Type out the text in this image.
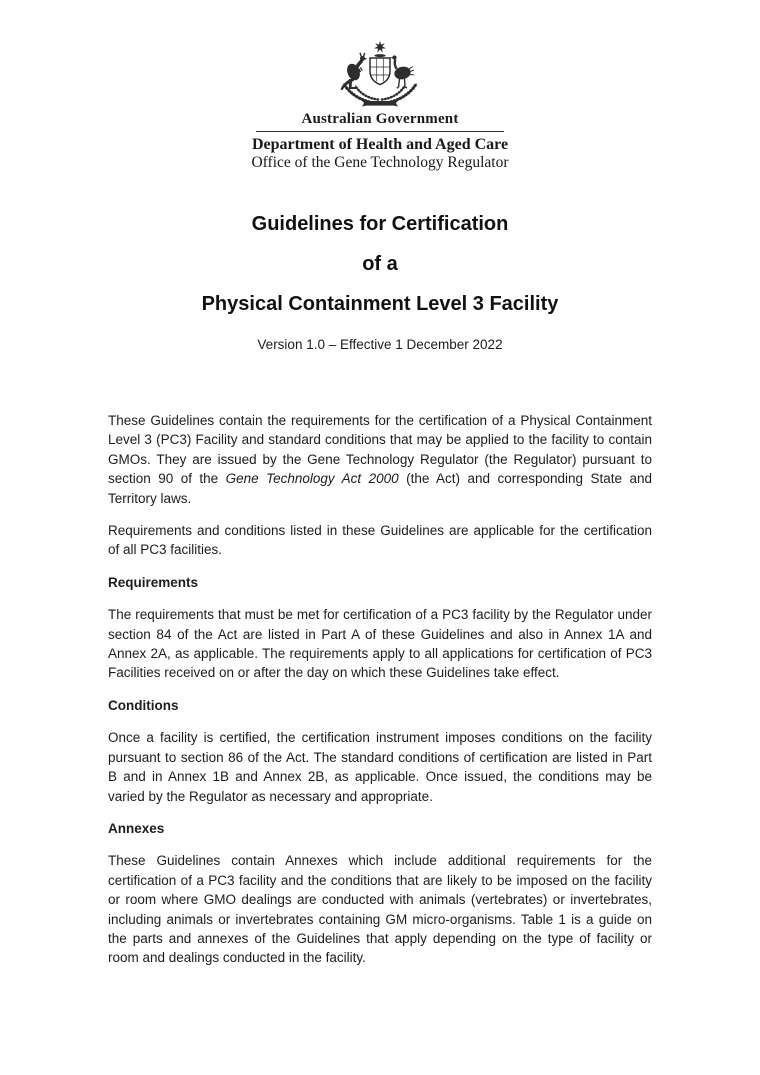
Australian Government
Department of Health and Aged Care
Office of the Gene Technology Regulator
Guidelines for Certification
of a
Physical Containment Level 3 Facility
Version 1.0 – Effective 1 December 2022

These Guidelines contain the requirements for the certification of a Physical Containment Level 3 (PC3) Facility and standard conditions that may be applied to the facility to contain GMOs. They are issued by the Gene Technology Regulator (the Regulator) pursuant to section 90 of the Gene Technology Act 2000 (the Act) and corresponding State and Territory laws.

Requirements and conditions listed in these Guidelines are applicable for the certification of all PC3 facilities.

Requirements

The requirements that must be met for certification of a PC3 facility by the Regulator under section 84 of the Act are listed in Part A of these Guidelines and also in Annex 1A and Annex 2A, as applicable. The requirements apply to all applications for certification of PC3 Facilities received on or after the day on which these Guidelines take effect.

Conditions

Once a facility is certified, the certification instrument imposes conditions on the facility pursuant to section 86 of the Act. The standard conditions of certification are listed in Part B and in Annex 1B and Annex 2B, as applicable. Once issued, the conditions may be varied by the Regulator as necessary and appropriate.

Annexes

These Guidelines contain Annexes which include additional requirements for the certification of a PC3 facility and the conditions that are likely to be imposed on the facility or room where GMO dealings are conducted with animals (vertebrates) or invertebrates, including animals or invertebrates containing GM micro-organisms. Table 1 is a guide on the parts and annexes of the Guidelines that apply depending on the type of facility or room and dealings conducted in the facility.
